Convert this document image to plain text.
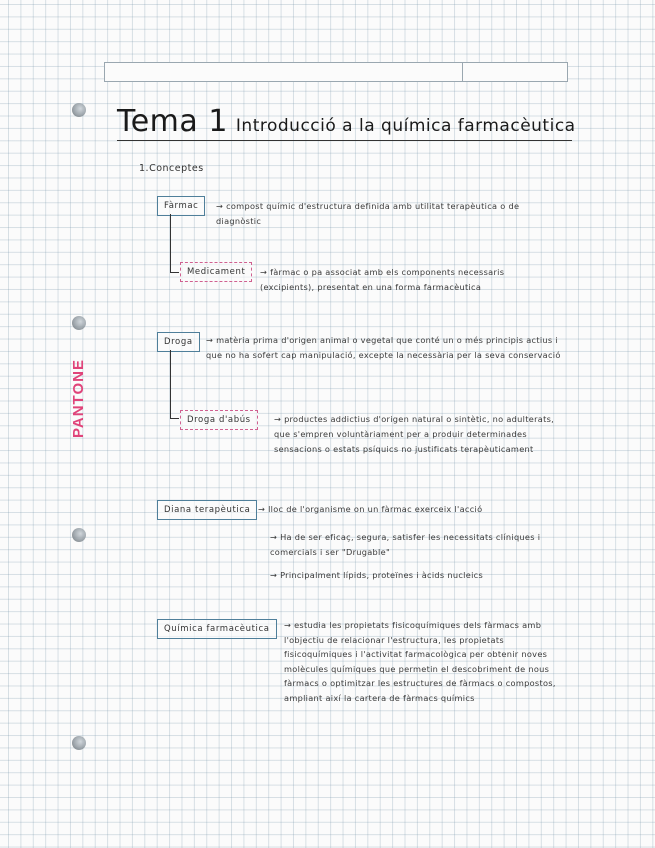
PANTONE
Tema 1 Introducció a la química farmacèutica
1.Conceptes
Fàrmac	→ compost químic d'estructura definida amb utilitat terapèutica o de diagnòstic
Medicament	→ fàrmac o pa associat amb els components necessaris (excipients), presentat en una forma farmacèutica
Droga	→ matèria prima d'origen animal o vegetal que conté un o més principis actius i que no ha sofert cap manipulació, excepte la necessària per la seva conservació
Droga d'abús	→ productes addictius d'origen natural o sintètic, no adulterats, que s'empren voluntàriament per a produir determinades sensacions o estats psíquics no justificats terapèuticament
Diana terapèutica → lloc de l'organisme on un fàrmac exerceix l'acció
→ Ha de ser eficaç, segura, satisfer les necessitats clíniques i comercials i ser "Drugable"
→ Principalment lípids, proteïnes i àcids nucleics
Química farmacèutica	→ estudia les propietats fisicoquímiques dels fàrmacs amb l'objectiu de relacionar l'estructura, les propietats fisicoquímiques i l'activitat farmacològica per obtenir noves molècules químiques que permetin el descobriment de nous fàrmacs o optimitzar les estructures de fàrmacs o compostos, ampliant així la cartera de fàrmacs químics
